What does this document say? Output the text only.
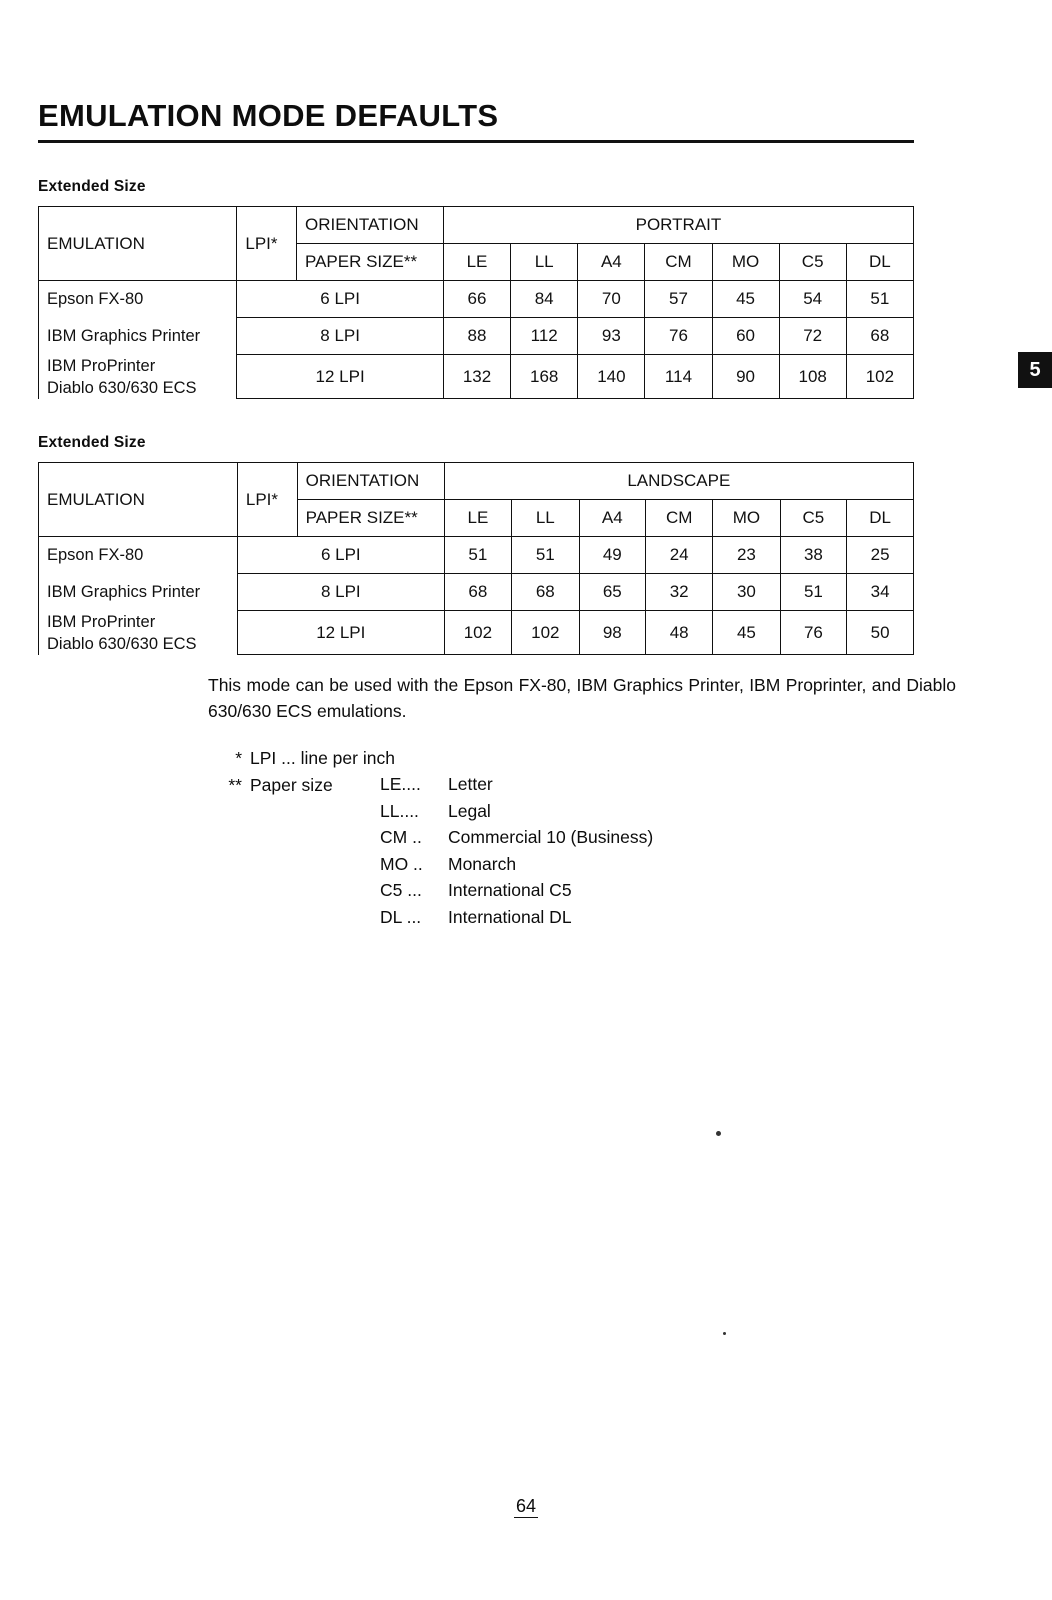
EMULATION MODE DEFAULTS
Extended Size
EMULATION	LPI*	ORIENTATION	PORTRAIT						
		PAPER SIZE**	LE	LL	A4	CM	MO	C5	DL
Epson FX-80	6 LPI		66	84	70	57	45	54	51
IBM Graphics Printer	8 LPI		88	112	93	76	60	72	68

IBM ProPrinter
Diablo 630/630 ECS	12 LPI		132	168	140	114	90	108	102	5
Extended Size
EMULATION	LPI*	ORIENTATION	LANDSCAPE						
		PAPER SIZE**	LE	LL	A4	CM	MO	C5	DL
Epson FX-80	6 LPI		51	51	49	24	23	38	25
IBM Graphics Printer	8 LPI		68	68	65	32	30	51	34

IBM ProPrinter
Diablo 630/630 ECS	12 LPI		102	102	98	48	45	76	50
This mode can be used with the Epson FX-80, IBM Graphics Printer, IBM Proprinter, and Diablo 630/630 ECS emulations.
* LPI ... line per inch
** Paper size	LE....	Letter
LL....	Legal
CM ..	Commercial 10 (Business)
MO ..	Monarch
C5 ...	International C5
DL ...	International DL
64
